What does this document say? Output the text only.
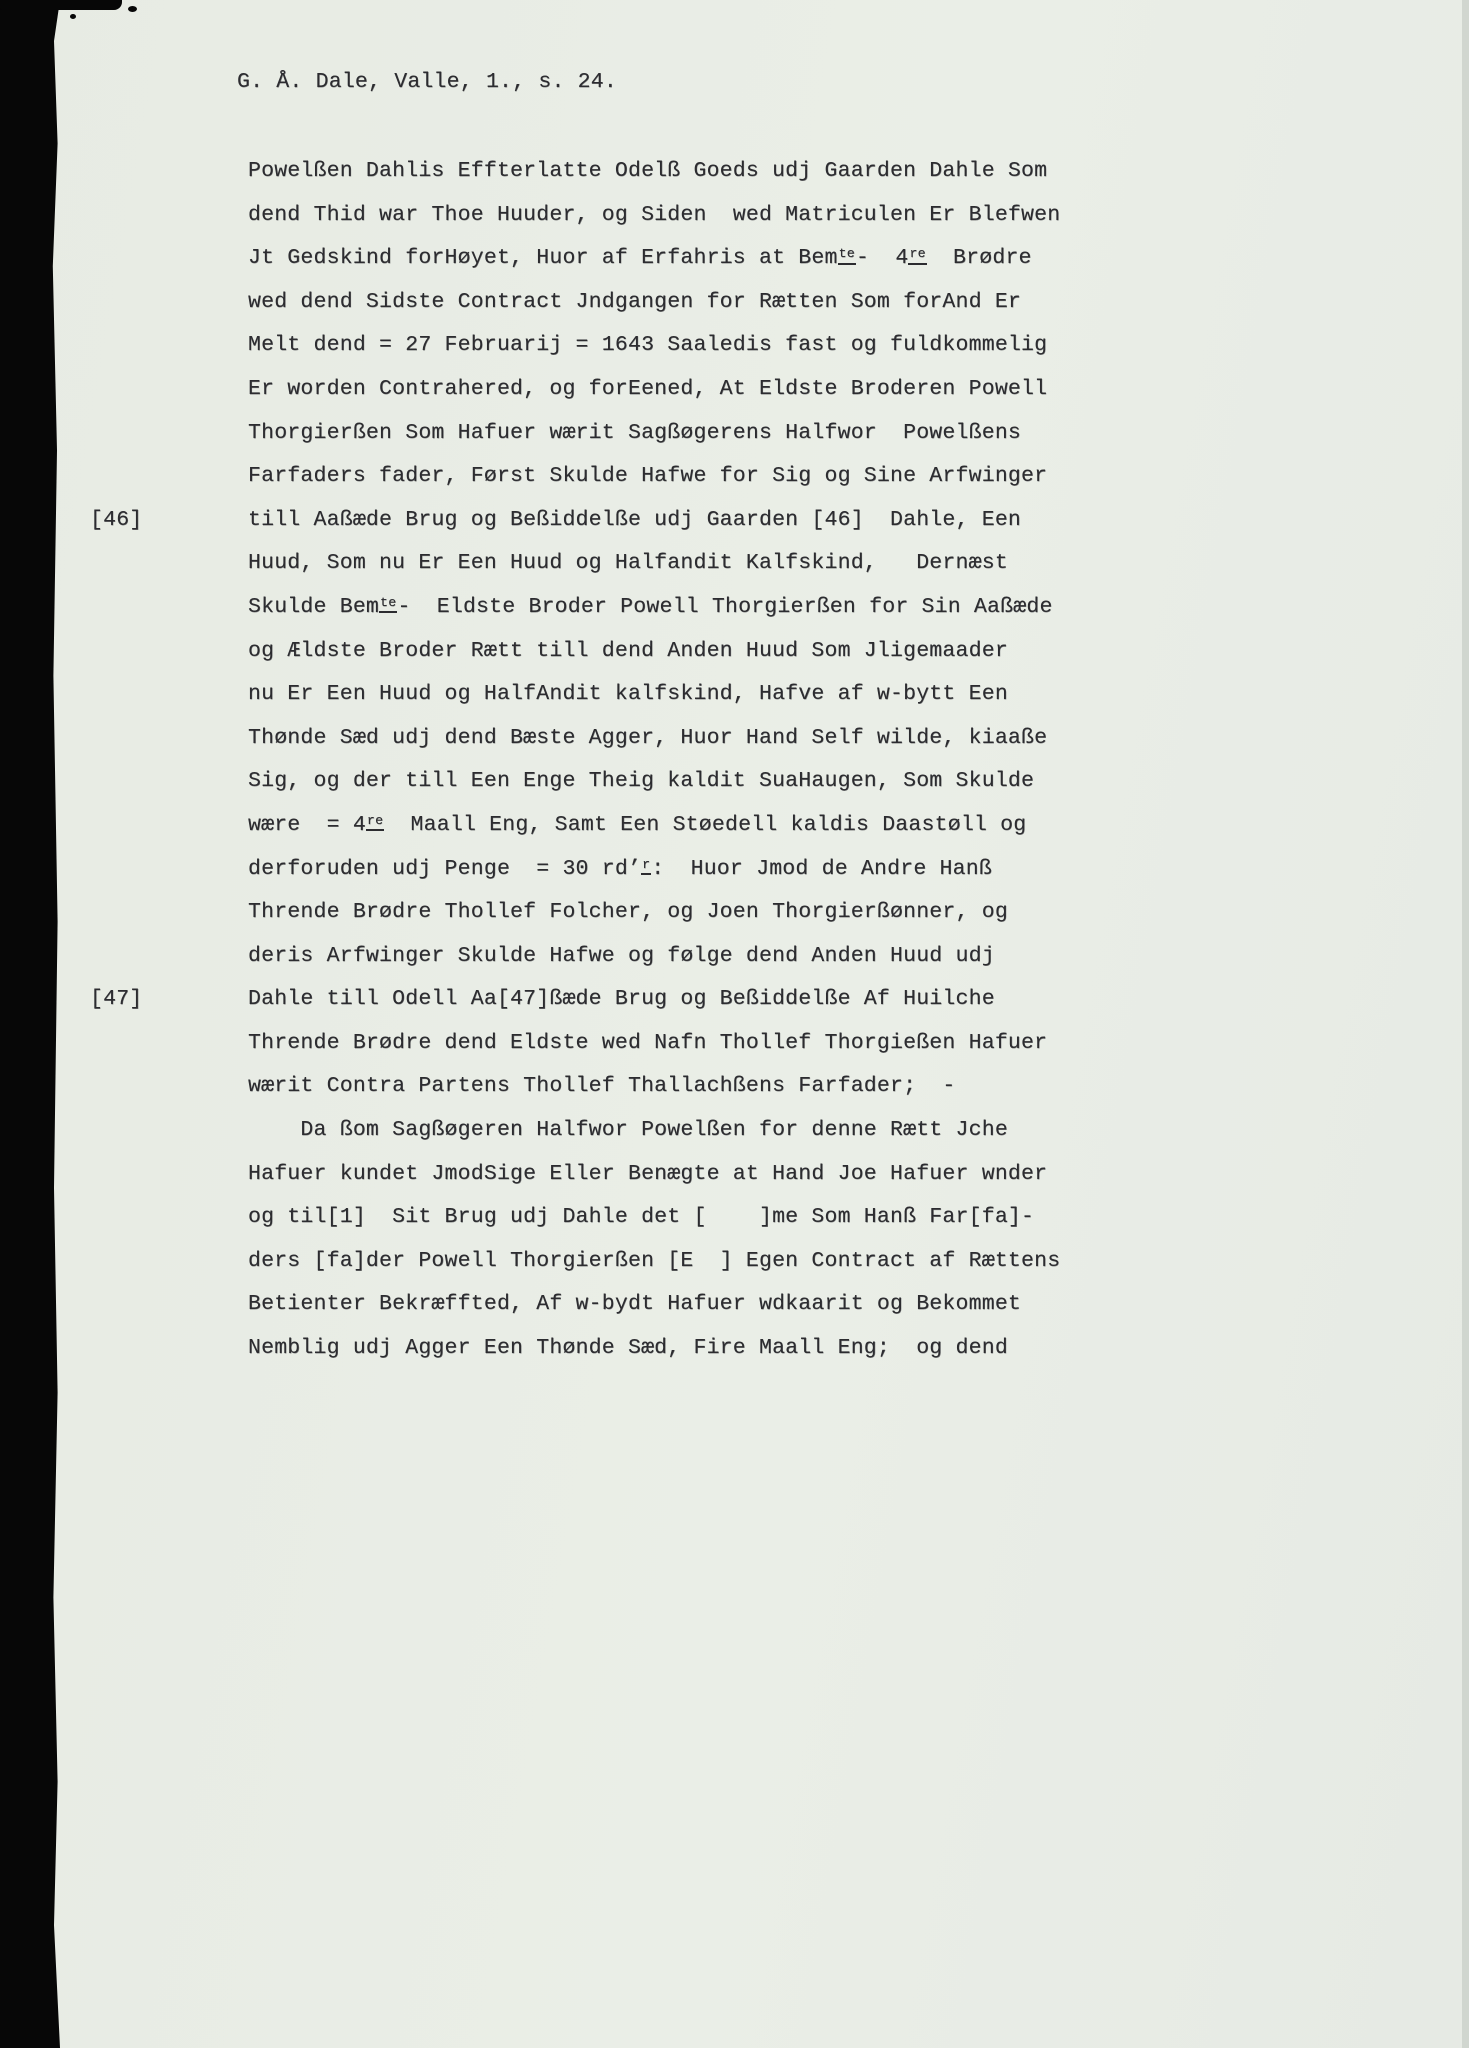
G. Å. Dale, Valle, 1., s. 24.
Powelßen Dahlis Effterlatte Odelß Goeds udj Gaarden Dahle Som
dend Thid war Thoe Huuder, og Siden  wed Matriculen Er Blefwen
Jt Gedskind forHøyet, Huor af Erfahris at Bem$^{te}$-  4re  Brødre
wed dend Sidste Contract Jndgangen for Rætten Som forAnd Er
Melt dend = 27 Februarij = 1643 Saaledis fast og fuldkommelig
Er worden Contrahered, og forEened, At Eldste Broderen Powell
Thorgierßen Som Hafuer wærit Sagßøgerens Halfwor  Powelßens
Farfaders fader, Først Skulde Hafwe for Sig og Sine Arfwinger
[46]	till Aaßæde Brug og Beßiddelße udj Gaarden [46]  Dahle, Een
Huud, Som nu Er Een Huud og Halfandit Kalfskind,   Dernæst
Skulde Bem$^{te}$-  Eldste Broder Powell Thorgierßen for Sin Aaßæde
og Ældste Broder Rætt till dend Anden Huud Som Jligemaader
nu Er Een Huud og HalfAndit kalfskind, Hafve af w-bytt Een
Thønde Sæd udj dend Bæste Agger, Huor Hand Self wilde, kiaaße
Sig, og der till Een Enge Theig kaldit SuaHaugen, Som Skulde
wære  = 4re  Maall Eng, Samt Een Støedell kaldis Daastøll og
derforuden udj Penge  = 30 rd’$^r$:  Huor Jmod de Andre Hanß
Thrende Brødre Thollef Folcher, og Joen Thorgierßønner, og
deris Arfwinger Skulde Hafwe og følge dend Anden Huud udj
[47]	Dahle till Odell Aa[47]ßæde Brug og Beßiddelße Af Huilche
Thrende Brødre dend Eldste wed Nafn Thollef Thorgießen Hafuer
wærit Contra Partens Thollef Thallachßens Farfader;  -
Da ßom Sagßøgeren Halfwor Powelßen for denne Rætt Jche
Hafuer kundet JmodSige Eller Benægte at Hand Joe Hafuer wnder
og til[1]  Sit Brug udj Dahle det [    ]me Som Hanß Far[fa]-
ders [fa]der Powell Thorgierßen [E  ] Egen Contract af Rættens
Betienter Bekræffted, Af w-bydt Hafuer wdkaarit og Bekommet
Nemblig udj Agger Een Thønde Sæd, Fire Maall Eng;  og dend
